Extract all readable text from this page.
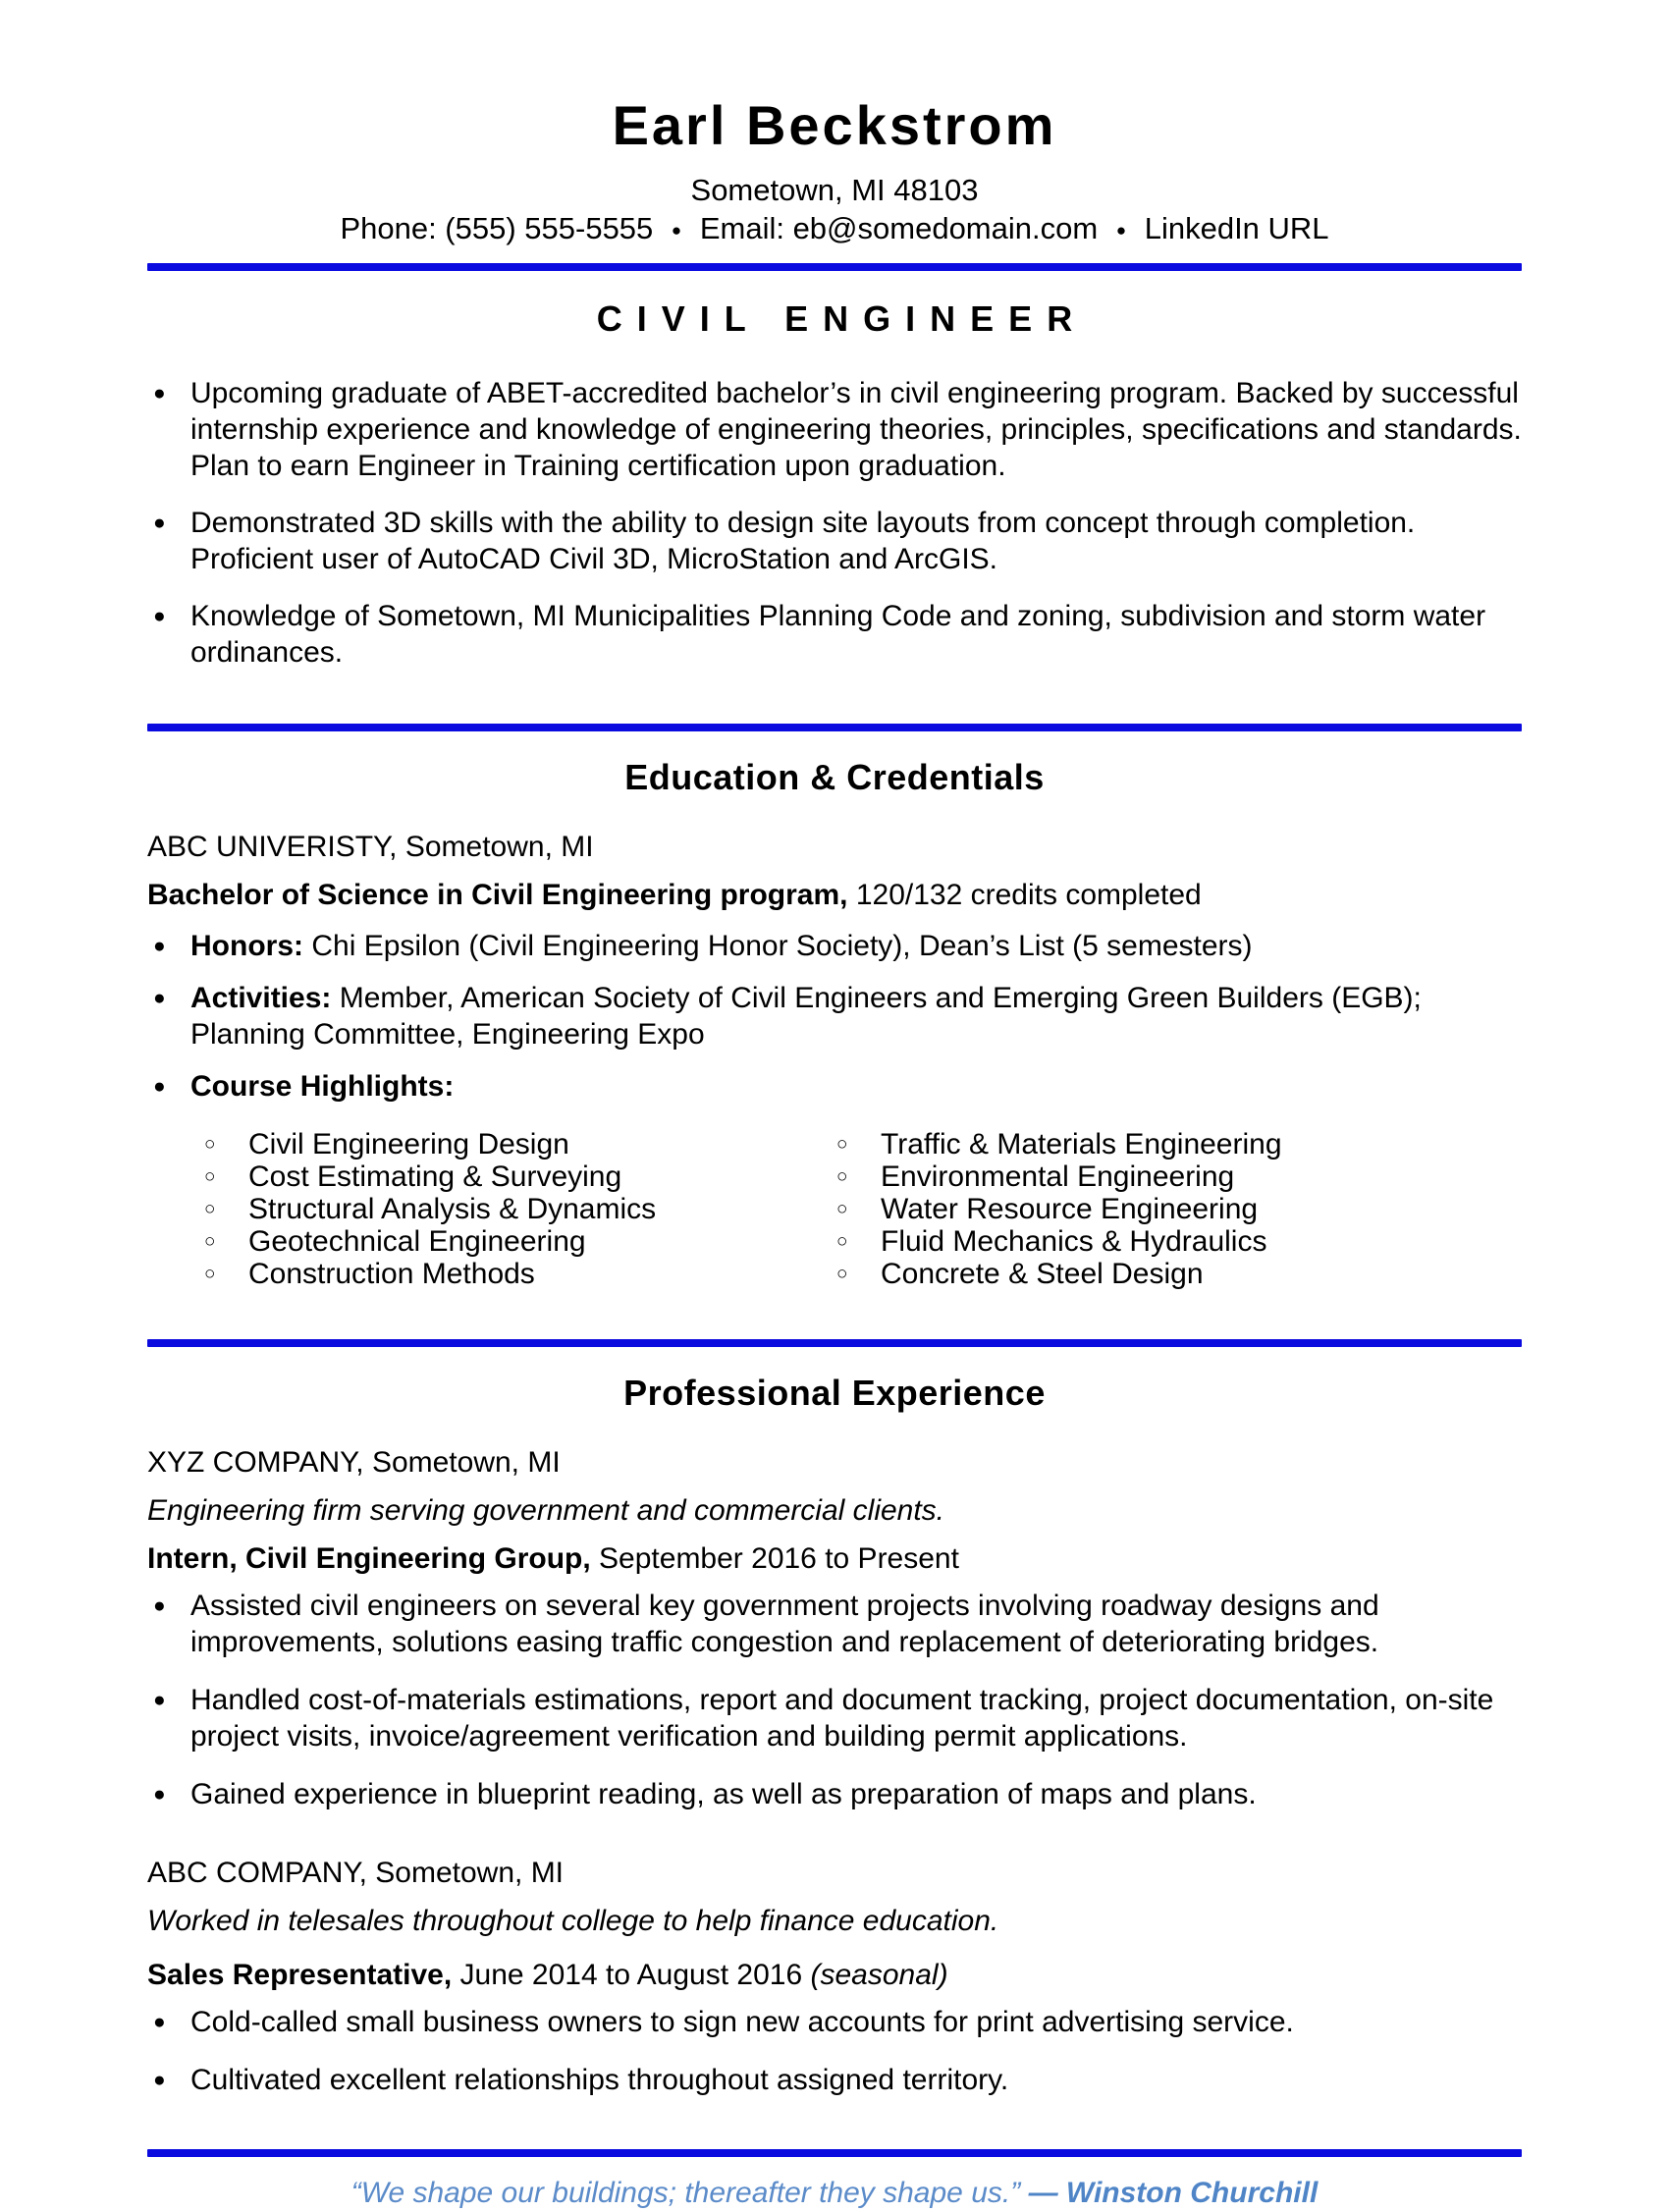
Earl Beckstrom
Sometown, MI 48103
Phone: (555) 555-5555 ● Email: eb@somedomain.com ● LinkedIn URL
CIVIL ENGINEER
● Upcoming graduate of ABET-accredited bachelor’s in civil engineering program. Backed by successful internship experience and knowledge of engineering theories, principles, specifications and standards. Plan to earn Engineer in Training certification upon graduation.

● Demonstrated 3D skills with the ability to design site layouts from concept through completion. Proficient user of AutoCAD Civil 3D, MicroStation and ArcGIS.

● Knowledge of Sometown, MI Municipalities Planning Code and zoning, subdivision and storm water ordinances.

Education & Credentials

ABC UNIVERISTY, Sometown, MI

Bachelor of Science in Civil Engineering program, 120/132 credits completed

● Honors: Chi Epsilon (Civil Engineering Honor Society), Dean’s List (5 semesters)

● Activities: Member, American Society of Civil Engineers and Emerging Green Builders (EGB); Planning Committee, Engineering Expo

● Course Highlights:

○	Civil Engineering Design
○	Cost Estimating & Surveying
○	Structural Analysis & Dynamics
○	Geotechnical Engineering
○	Construction Methods
○	Traffic & Materials Engineering
○	Environmental Engineering
○	Water Resource Engineering
○	Fluid Mechanics & Hydraulics
○	Concrete & Steel Design
Professional Experience

XYZ COMPANY, Sometown, MI

Engineering firm serving government and commercial clients.

Intern, Civil Engineering Group, September 2016 to Present

● Assisted civil engineers on several key government projects involving roadway designs and improvements, solutions easing traffic congestion and replacement of deteriorating bridges.

● Handled cost-of-materials estimations, report and document tracking, project documentation, on-site project visits, invoice/agreement verification and building permit applications.

● Gained experience in blueprint reading, as well as preparation of maps and plans.

ABC COMPANY, Sometown, MI

Worked in telesales throughout college to help finance education.

Sales Representative, June 2014 to August 2016 (seasonal)

● Cold-called small business owners to sign new accounts for print advertising service.

● Cultivated excellent relationships throughout assigned territory.

“We shape our buildings; thereafter they shape us.” — Winston Churchill
